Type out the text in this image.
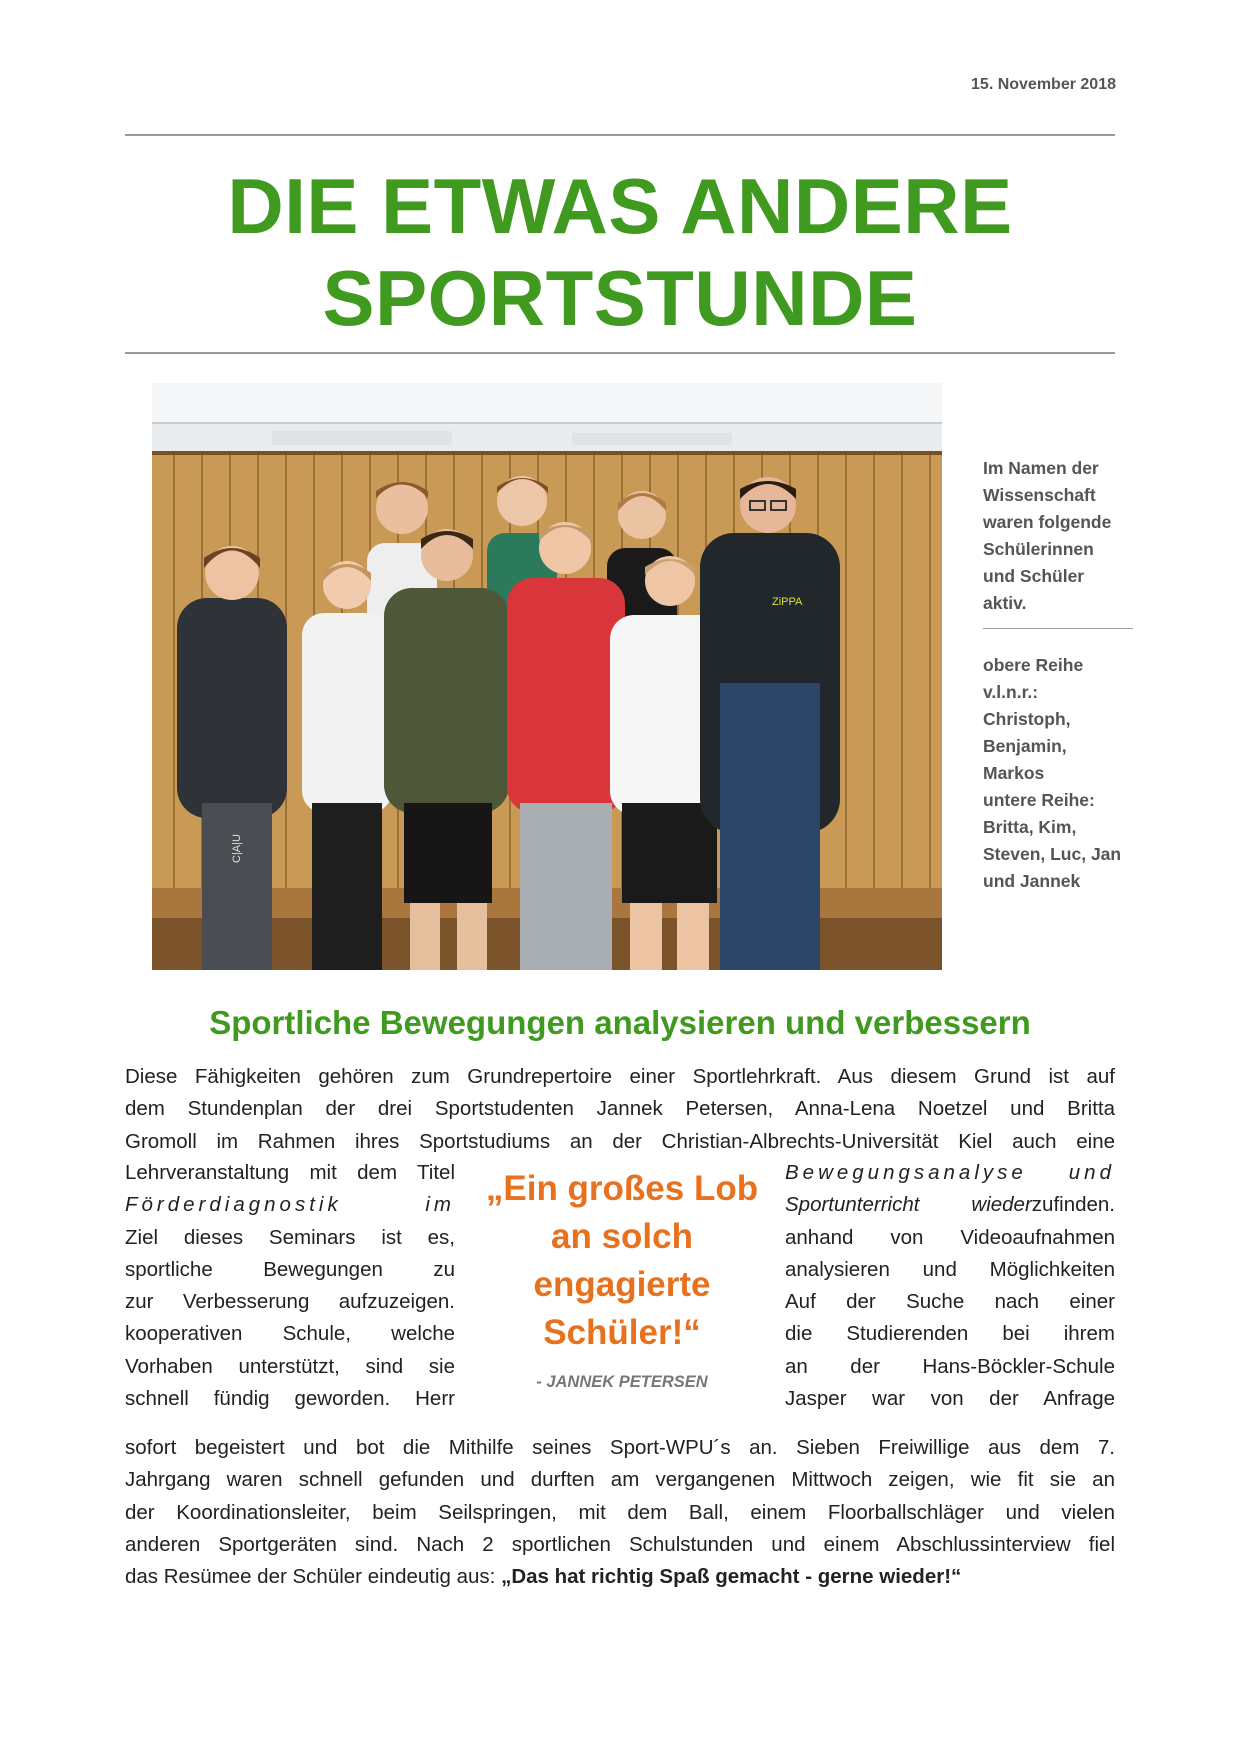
15. November 2018
DIE ETWAS ANDERE
SPORTSTUNDE
C|A|U
ZiPPA
Im Namen der
Wissenschaft
waren folgende
Schülerinnen
und Schüler
aktiv.
obere Reihe
v.l.n.r.:
Christoph,
Benjamin,
Markos
untere Reihe:
Britta, Kim,
Steven, Luc, Jan
und Jannek
Sportliche Bewegungen analysieren und verbessern

Diese Fähigkeiten gehören zum Grundrepertoire einer Sportlehrkraft. Aus diesem Grund ist auf

dem Stundenplan der drei Sportstudenten Jannek Petersen, Anna-Lena Noetzel und Britta

Gromoll im Rahmen ihres Sportstudiums an der Christian-Albrechts-Universität Kiel auch eine

Lehrveranstaltung mit dem Titel

Förderdiagnostik im

Ziel dieses Seminars ist es,

sportliche Bewegungen zu

zur Verbesserung aufzuzeigen.

kooperativen Schule, welche

Vorhaben unterstützt, sind sie

schnell fündig geworden. Herr

„Ein großes Lob an solch engagierte Schüler!“

- JANNEK PETERSEN

Bewegungsanalyse und

Sportunterricht wiederzufinden.

anhand von Videoaufnahmen

analysieren und Möglichkeiten

Auf der Suche nach einer

die Studierenden bei ihrem

an der Hans-Böckler-Schule

Jasper war von der Anfrage

sofort begeistert und bot die Mithilfe seines Sport-WPU´s an. Sieben Freiwillige aus dem 7.

Jahrgang waren schnell gefunden und durften am vergangenen Mittwoch zeigen, wie fit sie an

der Koordinationsleiter, beim Seilspringen, mit dem Ball, einem Floorballschläger und vielen

anderen Sportgeräten sind. Nach 2 sportlichen Schulstunden und einem Abschlussinterview fiel

das Resümee der Schüler eindeutig aus: „Das hat richtig Spaß gemacht - gerne wieder!“
